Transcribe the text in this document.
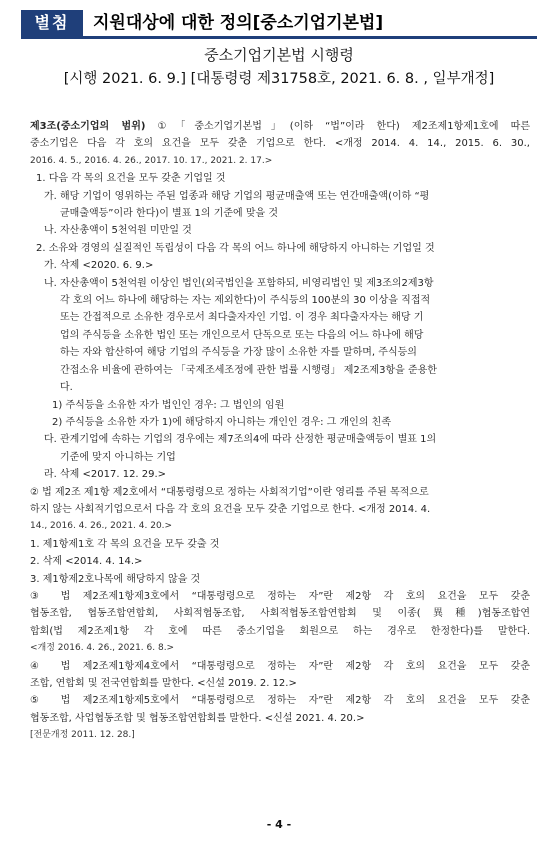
별첨	지원대상에 대한 정의[중소기업기본법]
중소기업기본법 시행령
[시행 2021. 6. 9.] [대통령령 제31758호, 2021. 6. 8. , 일부개정]

제3조(중소기업의 범위) ①「중소기업기본법」(이하 “법”이라 한다) 제2조제1항제1호에 따른

중소기업은 다음 각 호의 요건을 모두 갖춘 기업으로 한다. <개정 2014. 4. 14., 2015. 6. 30.,

2016. 4. 5., 2016. 4. 26., 2017. 10. 17., 2021. 2. 17.>

1. 다음 각 목의 요건을 모두 갖춘 기업일 것

가. 해당 기업이 영위하는 주된 업종과 해당 기업의 평균매출액 또는 연간매출액(이하 “평

균매출액등”이라 한다)이 별표 1의 기준에 맞을 것

나. 자산총액이 5천억원 미만일 것

2. 소유와 경영의 실질적인 독립성이 다음 각 목의 어느 하나에 해당하지 아니하는 기업일 것

가. 삭제 <2020. 6. 9.>

나. 자산총액이 5천억원 이상인 법인(외국법인을 포함하되, 비영리법인 및 제3조의2제3항

각 호의 어느 하나에 해당하는 자는 제외한다)이 주식등의 100분의 30 이상을 직접적

또는 간접적으로 소유한 경우로서 최다출자자인 기업. 이 경우 최다출자자는 해당 기

업의 주식등을 소유한 법인 또는 개인으로서 단독으로 또는 다음의 어느 하나에 해당

하는 자와 합산하여 해당 기업의 주식등을 가장 많이 소유한 자를 말하며, 주식등의

간접소유 비율에 관하여는 「국제조세조정에 관한 법률 시행령」 제2조제3항을 준용한

다.

1) 주식등을 소유한 자가 법인인 경우: 그 법인의 임원

2) 주식등을 소유한 자가 1)에 해당하지 아니하는 개인인 경우: 그 개인의 친족

다. 관계기업에 속하는 기업의 경우에는 제7조의4에 따라 산정한 평균매출액등이 별표 1의

기준에 맞지 아니하는 기업

라. 삭제 <2017. 12. 29.>

② 법 제2조 제1항 제2호에서 “대통령령으로 정하는 사회적기업”이란 영리를 주된 목적으로

하지 않는 사회적기업으로서 다음 각 호의 요건을 모두 갖춘 기업으로 한다. <개정 2014. 4.

14., 2016. 4. 26., 2021. 4. 20.>

1. 제1항제1호 각 목의 요건을 모두 갖출 것

2. 삭제 <2014. 4. 14.>

3. 제1항제2호나목에 해당하지 않을 것

③ 법 제2조제1항제3호에서 “대통령령으로 정하는 자”란 제2항 각 호의 요건을 모두 갖춘

협동조합, 협동조합연합회, 사회적협동조합, 사회적협동조합연합회 및 이종(異種)협동조합연

합회(법 제2조제1항 각 호에 따른 중소기업을 회원으로 하는 경우로 한정한다)를 말한다.

<개정 2016. 4. 26., 2021. 6. 8.>

④ 법 제2조제1항제4호에서 “대통령령으로 정하는 자”란 제2항 각 호의 요건을 모두 갖춘

조합, 연합회 및 전국연합회를 말한다. <신설 2019. 2. 12.>

⑤ 법 제2조제1항제5호에서 “대통령령으로 정하는 자”란 제2항 각 호의 요건을 모두 갖춘

협동조합, 사업협동조합 및 협동조합연합회를 말한다. <신설 2021. 4. 20.>

[전문개정 2011. 12. 28.]

- 4 -
